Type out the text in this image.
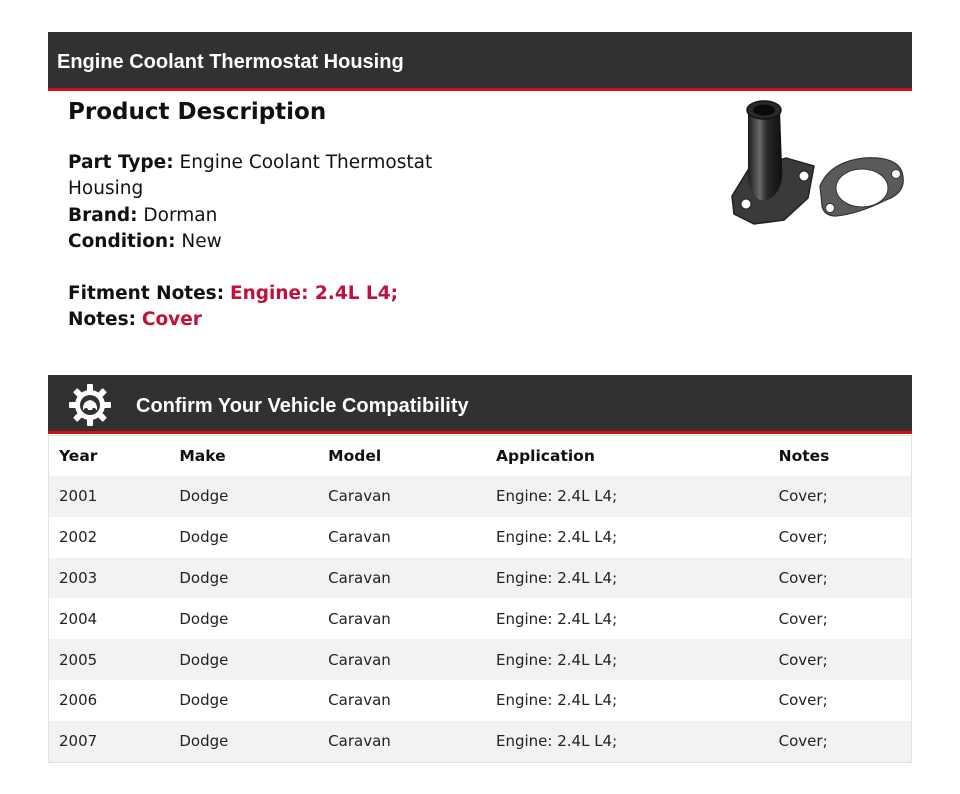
Engine Coolant Thermostat Housing
Product Description
Part Type: Engine Coolant Thermostat Housing
Brand: Dorman
Condition: New
Fitment Notes: Engine: 2.4L L4;
Notes: Cover
Confirm Your Vehicle Compatibility
Year	Make	Model	Application	Notes
2001	Dodge	Caravan	Engine: 2.4L L4;	Cover;
2002	Dodge	Caravan	Engine: 2.4L L4;	Cover;
2003	Dodge	Caravan	Engine: 2.4L L4;	Cover;
2004	Dodge	Caravan	Engine: 2.4L L4;	Cover;
2005	Dodge	Caravan	Engine: 2.4L L4;	Cover;
2006	Dodge	Caravan	Engine: 2.4L L4;	Cover;
2007	Dodge	Caravan	Engine: 2.4L L4;	Cover;
